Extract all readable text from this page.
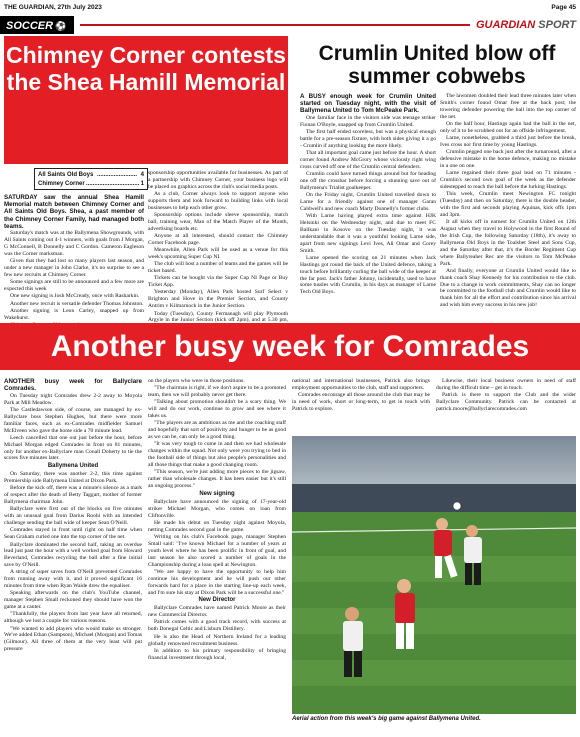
THE GUARDIAN, 27th July 2023	Page 45
SOCCER ⚽	GUARDIAN SPORT
Chimney Corner contests the Shea Hamill Memorial
All Saints Old Boys ........................ 4
Chimney Corner ................................ 1

SATURDAY saw the annual Shea Hamill Memorial match between Chimney Corner and All Saints Old Boys. Shea, a past member of the Chimney Corner Family, had managed both teams.

Saturday's match was at the Ballymena Showgrounds, with All Saints coming out 4-1 winners, with goals from J Morgan, G McConnell, B Donnelly and C Gordon. Cameron Eagleson was the Corner marksman.

Given that they had lost so many players last season, and under a new manager in John Clarke, it's no surprise to see a few new recruits at Chimney Corner.

Some signings are still to be announced and a few more are expected this week

One new signing is Josh McCready, once with Rasharkin.

Another new recruit is versatile defender Thomas Johnston.

Another signing is Leon Carley, snapped up from Wakehurst.

sponsorship opportunities available for businesses. As part of a partnership with Chimney Corner, your business logo will be placed on graphics across the club's social media posts.

As a club, Corner always look to support anyone who supports them and look forward to building links with local businesses to help each other grow.

Sponsorship options include sleeve sponsorship, match ball, training wear, Man of the Match Player of the Month, advertising boards etc.

Anyone at all interested, should contact the Chimney Corner Facebook page.

Meanwhile, Allen Park will be used as a venue for this week's upcoming Super Cup NI.

The club will host a number of teams and the games will be ticket based.

Tickets can be bought via the Super Cup NI Page or Buy Ticket App.

Yesterday (Monday), Allen Park hosted Surf Select v Brighton and Hove in the Premier Section, and County Antrim v Kilmarnock in the Junior Section.

Today (Tuesday), County Fermanagh will play Plymouth Argyle in the Junior Section (kick off 2pm), and at 5.30 pm,

Crumlin United blow off summer cobwebs

A BUSY enough week for Crumlin United started on Tuesday night, with the visit of Ballymena United to Tom McPeake Park.

One familiar face in the visitors side was teenage striker Fionan O'Boyle, snapped up from Crumlin United.

The first half ended scoreless, but was a physical enough battle for a pre-season fixture, with both sides giving it a go - Crumlin if anything looking the more likely.

That all important goal came just before the hour. A short corner found Andrew McGrory whose viciously right wing cross curved off one of the Crumlin central defenders.

Crumlin could have turned things around but for heading one off the crossbar before forcing a stunning save out of Ballymena's Trialist goalkeeper.

On the Friday night, Crumlin United travelled down to Larne for a friendly against one of manager Garan Caldwell's and new coach Marty Donnelly's former clubs.

With Larne having played extra time against HJK Helsinki on the Wednesday night, and due to meet FC Ballkani in Kosovo on the Tuesday night, it was understandable that it was a youthful looking Larne side, apart from new signings Levi Ives, Ali Omar and Corey Smith.

Larne opened the scoring on 21 minutes when Jack Hastings got round the back of the United defence, taking a touch before brilliantly curling the ball wide of the keeper at the far post. Jack's father Johnny, incidentally, used to have some tussles with Crumlin, in his days as manager of Larne Tech Old Boys.

The lawnmen doubled their lead three minutes later when Smith's corner found Omar free at the back post; the towering defender powering the ball into the top corner of the net.

On the half hour, Hastings again had the ball in the net, only of it to be scrubbed out for an offside infringement.

Larne, nonetheless, grabbed a third just before the break, Ives cross nor first time by young Hastings.

Crumlin pegged one back just after the turnaround, after a defensive mistake in the home defence, making no mistake in a one on one.

Larne regained their three goal lead on 71 minutes - Crumlin's second own goal of the week as the defender sidestepped to reach the ball before the lurking Hastings.

This week, Crumlin meet Newington FC tonight (Tuesday) and then on Saturday, there is the double header, with the first and seconds playing Aquinas, kick offs 1pm and 3pm.

It all kicks off in earnest for Crumlin United on 12th August when they travel to Holywood in the first Round of the Irish Cup, the following Saturday (18th), it's away to Ballymena Old Boys in the Toalsbet Steel and Sons Cup, and the Saturday after that, it's the Border Regiment Cup where Ballyreaher Rec are the visitors to Tom McPeake Park.

And finally, everyone at Crumlin United would like to thank coach Shay Kennedy for his contribution to the club. Due to a change in work commitments, Shay can no longer be committed to the football club and Crumlin would like to thank him for all the effort and contribution since his arrival and wish him every success in his new job!

Another busy week for Comrades

ANOTHER busy week for Ballyclare Comrades.

On Tuesday night Comrades drew 2-2 away to Moyola Park at Mill Meadow.

The Castledawson side, of course, are managed by ex-Ballyclare boss Stephen Hughes, but there were more familiar faces, such as ex-Comrades midfielder Samuel McElveen who gave the home side a 70 minute lead.

Leech cancelled that one out just before the hour, before Michael Morgan edged Comrades in front on 81 minutes, only for another ex-Ballyclare man Conall Doherty to tie the scores five minutes later.

Ballymena United

On Saturday, there was another 2-2, this time against Premiership side Ballymena United at Dixon Park.

Before the kick off, there was a minute's silence as a mark of respect after the death of Betty Taggart, mother of former Ballymena chairman John.

Ballyclare were first out of the blocks on five minutes with an unusual goal from Darius Roohi with an intended challenge sending the ball wide of keeper Sean O'Neill.

Comrades stayed in front until right on half time when Sean Graham curled one into the top corner of the net.

Ballyclare dominated the second half, taking an overdue lead just past the hour with a well worked goal from Howard Beverland, Comrades recycling the ball after a fine initial save by O'Neill.

A string of super saves from O'Neill prevented Comrades from running away with it, and it proved significant 16 minutes from time when Ryan Waide drew the equaliser.

Speaking afterwards on the club's YouTube channel, manager Stephen Small reckoned they should have won the game at a canter.

"Thankfully, the players from last year have all returned, although we lost a couple for various reasons.

"We wanted to add players who would make us stronger. We've added Ethan (Sampson), Michael (Morgan) and Tomas (Gilmour). All three of them at the very least will put pressure

on the players who were in those positions.

"The chairman is right, if we don't aspire to be a promoted team, then we will probably never get there.

"Talking about promotion shouldn't be a scary thing. We will and do our work, continue to grow and see where it takes us.

"The players are as ambitious as me and the coaching staff and hopefully that sort of positivity and hunger to be as good as we can be, can only be a good thing.

"It was very tough to come in and then we had wholesale changes within the squad. Not only were you trying to bed in the football side of things but also people's personalities and all those things that make a good changing room.

"This season, we're just adding more pieces to the jigsaw, rather than wholesale changes. It has been easier but it's still an ongoing process."

New signing

Ballyclare have announced the signing of 17-year-old striker Michael Morgan, who comes on loan from Cliftonville.

He made his debut on Tuesday night against Moyola, netting Comrades second goal in the game.

Writing on his club's Facebook page, manager Stephen Small said: "I've known Michael for a number of years at youth level where he has been prolific in front of goal, and last season he also scored a number of goals in the Championship during a loan spell at Newington.

"We are happy to have the opportunity to help him continue his development and he will push our other forwards hard for a place in the starting line-up each week, and I'm sure his stay at Dixon Park will be a successful one."

New Director

Ballyclare Comrades have named Patrick Moore as their new Commercial Director.

Patrick comes with a good track record, with success at both Donegal Celtic and Lisburn Distillery.

He is also the Head of Northern Ireland for a leading globally renowned recruitment business.

In addition to his primary responsibility of bringing financial investment through local,

national and international businesses, Patrick also brings employment opportunities to the club, staff and supporters.

Comrades encourage all those around the club that may be in need of work, short or long-term, to get in touch with Patrick to explore.

Likewise, their local business owners in need of staff during the difficult time – get in touch.

Patrick is there to support the Club and the wider Ballyclare Community. Patrick can be contacted at patrick.moore@ballyclarecomrades.com

Aerial action from this week's big game against Ballymena United.
